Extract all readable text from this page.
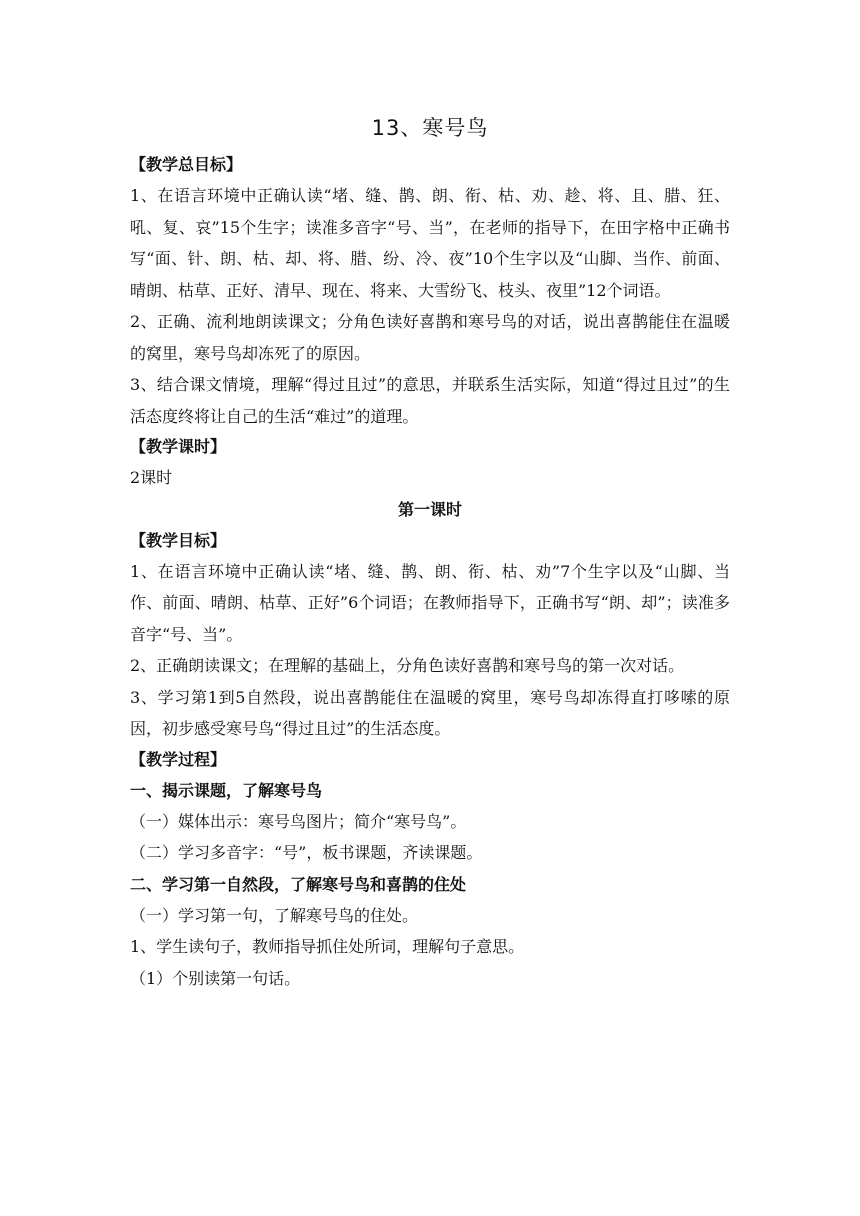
13、寒号鸟

【教学总目标】

1、在语言环境中正确认读“堵、缝、鹊、朗、衔、枯、劝、趁、将、且、腊、狂、吼、复、哀”15个生字；读准多音字“号、当”，在老师的指导下，在田字格中正确书写“面、针、朗、枯、却、将、腊、纷、冷、夜”10个生字以及“山脚、当作、前面、晴朗、枯草、正好、清早、现在、将来、大雪纷飞、枝头、夜里”12个词语。

2、正确、流利地朗读课文；分角色读好喜鹊和寒号鸟的对话，说出喜鹊能住在温暖的窝里，寒号鸟却冻死了的原因。

3、结合课文情境，理解“得过且过”的意思，并联系生活实际，知道“得过且过”的生活态度终将让自己的生活“难过”的道理。

【教学课时】

2课时

第一课时

【教学目标】

1、在语言环境中正确认读“堵、缝、鹊、朗、衔、枯、劝”7个生字以及“山脚、当作、前面、晴朗、枯草、正好”6个词语；在教师指导下，正确书写“朗、却”；读准多音字“号、当”。

2、正确朗读课文；在理解的基础上，分角色读好喜鹊和寒号鸟的第一次对话。

3、学习第1到5自然段，说出喜鹊能住在温暖的窝里，寒号鸟却冻得直打哆嗦的原因，初步感受寒号鸟“得过且过”的生活态度。

【教学过程】

一、揭示课题，了解寒号鸟

（一）媒体出示：寒号鸟图片；简介“寒号鸟”。

（二）学习多音字：“号”，板书课题，齐读课题。

二、学习第一自然段，了解寒号鸟和喜鹊的住处

（一）学习第一句，了解寒号鸟的住处。

1、学生读句子，教师指导抓住处所词，理解句子意思。

（1）个别读第一句话。
